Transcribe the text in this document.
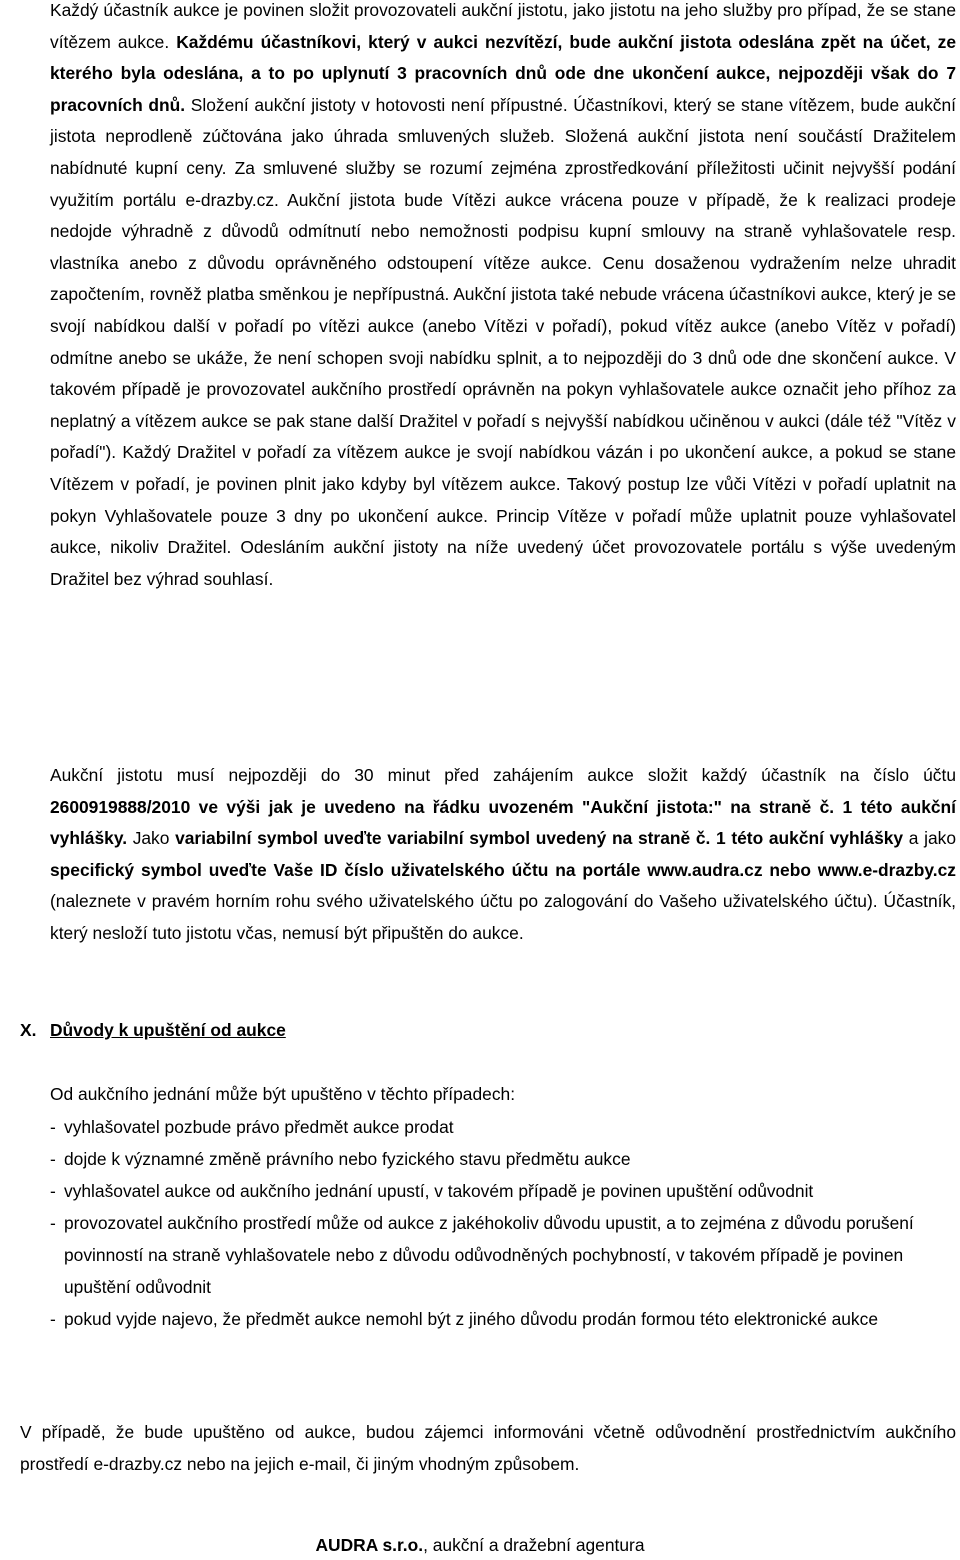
Každý účastník aukce je povinen složit provozovateli aukční jistotu, jako jistotu na jeho služby pro případ, že se stane vítězem aukce. Každému účastníkovi, který v aukci nezvítězí, bude aukční jistota odeslána zpět na účet, ze kterého byla odeslána, a to po uplynutí 3 pracovních dnů ode dne ukončení aukce, nejpozději však do 7 pracovních dnů. Složení aukční jistoty v hotovosti není přípustné. Účastníkovi, který se stane vítězem, bude aukční jistota neprodleně zúčtována jako úhrada smluvených služeb. Složená aukční jistota není součástí Dražitelem nabídnuté kupní ceny. Za smluvené služby se rozumí zejména zprostředkování příležitosti učinit nejvyšší podání využitím portálu e-drazby.cz. Aukční jistota bude Vítězi aukce vrácena pouze v případě, že k realizaci prodeje nedojde výhradně z důvodů odmítnutí nebo nemožnosti podpisu kupní smlouvy na straně vyhlašovatele resp. vlastníka anebo z důvodu oprávněného odstoupení vítěze aukce. Cenu dosaženou vydražením nelze uhradit započtením, rovněž platba směnkou je nepřípustná. Aukční jistota také nebude vrácena účastníkovi aukce, který je se svojí nabídkou další v pořadí po vítězi aukce (anebo Vítězi v pořadí), pokud vítěz aukce (anebo Vítěz v pořadí) odmítne anebo se ukáže, že není schopen svoji nabídku splnit, a to nejpozději do 3 dnů ode dne skončení aukce. V takovém případě je provozovatel aukčního prostředí oprávněn na pokyn vyhlašovatele aukce označit jeho příhoz za neplatný a vítězem aukce se pak stane další Dražitel v pořadí s nejvyšší nabídkou učiněnou v aukci (dále též "Vítěz v pořadí"). Každý Dražitel v pořadí za vítězem aukce je svojí nabídkou vázán i po ukončení aukce, a pokud se stane Vítězem v pořadí, je povinen plnit jako kdyby byl vítězem aukce. Takový postup lze vůči Vítězi v pořadí uplatnit na pokyn Vyhlašovatele pouze 3 dny po ukončení aukce. Princip Vítěze v pořadí může uplatnit pouze vyhlašovatel aukce, nikoliv Dražitel. Odesláním aukční jistoty na níže uvedený účet provozovatele portálu s výše uvedeným Dražitel bez výhrad souhlasí.

Aukční jistotu musí nejpozději do 30 minut před zahájením aukce složit každý účastník na číslo účtu 2600919888/2010 ve výši jak je uvedeno na řádku uvozeném "Aukční jistota:" na straně č. 1 této aukční vyhlášky. Jako variabilní symbol uveďte variabilní symbol uvedený na straně č. 1 této aukční vyhlášky a jako specifický symbol uveďte Vaše ID číslo uživatelského účtu na portále www.audra.cz nebo www.e-drazby.cz (naleznete v pravém horním rohu svého uživatelského účtu po zalogování do Vašeho uživatelského účtu). Účastník, který nesloží tuto jistotu včas, nemusí být připuštěn do aukce.

X. Důvody k upuštění od aukce

Od aukčního jednání může být upuštěno v těchto případech:

- vyhlašovatel pozbude právo předmět aukce prodat
- dojde k významné změně právního nebo fyzického stavu předmětu aukce
- vyhlašovatel aukce od aukčního jednání upustí, v takovém případě je povinen upuštění odůvodnit
- provozovatel aukčního prostředí může od aukce z jakéhokoliv důvodu upustit, a to zejména z důvodu porušení povinností na straně vyhlašovatele nebo z důvodu odůvodněných pochybností, v takovém případě je povinen upuštění odůvodnit
- pokud vyjde najevo, že předmět aukce nemohl být z jiného důvodu prodán formou této elektronické aukce

V případě, že bude upuštěno od aukce, budou zájemci informováni včetně odůvodnění prostřednictvím aukčního prostředí e-drazby.cz nebo na jejich e-mail, či jiným vhodným způsobem.

AUDRA s.r.o., aukční a dražební agentura
